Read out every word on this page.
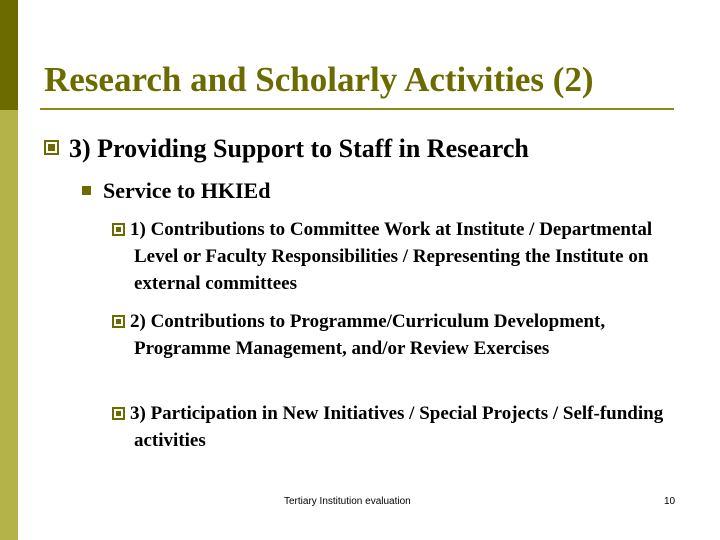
Research and Scholarly Activities (2)
3) Providing Support to Staff in Research
Service to HKIEd
1) Contributions to Committee Work at Institute / Departmental Level or Faculty Responsibilities / Representing the Institute on external committees
2) Contributions to Programme/Curriculum Development, Programme Management, and/or Review Exercises
3) Participation in New Initiatives / Special Projects / Self-funding activities
Tertiary Institution evaluation	10
